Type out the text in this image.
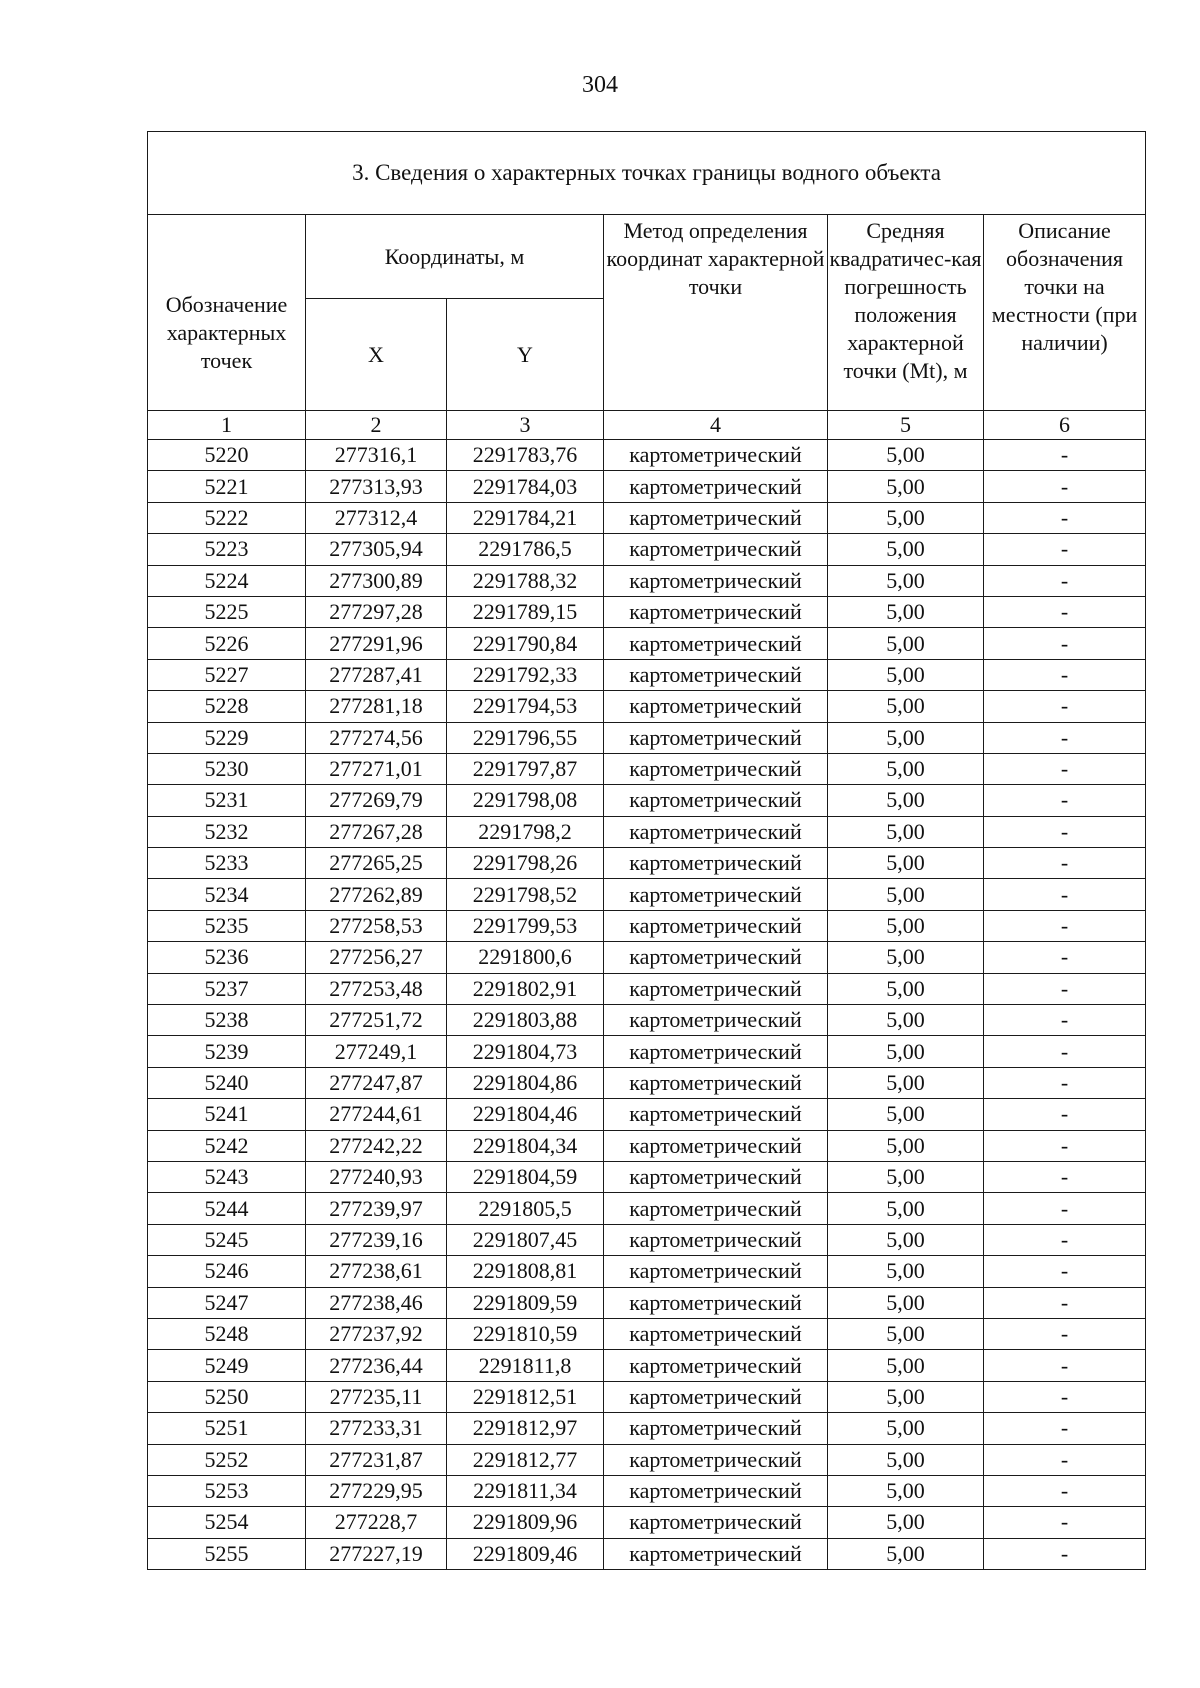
304
3. Сведения о характерных точках границы водного объекта					
Обозначение характерных точек	Координаты, м		Метод определения координат характерной точки	Средняя квадратичес-кая погрешность положения характерной точки (Mt), м	Описание обозначения точки на местности (при наличии)
	X	Y			
1	2	3	4	5	6
5220	277316,1	2291783,76	картометрический	5,00	-
5221	277313,93	2291784,03	картометрический	5,00	-
5222	277312,4	2291784,21	картометрический	5,00	-
5223	277305,94	2291786,5	картометрический	5,00	-
5224	277300,89	2291788,32	картометрический	5,00	-
5225	277297,28	2291789,15	картометрический	5,00	-
5226	277291,96	2291790,84	картометрический	5,00	-
5227	277287,41	2291792,33	картометрический	5,00	-
5228	277281,18	2291794,53	картометрический	5,00	-
5229	277274,56	2291796,55	картометрический	5,00	-
5230	277271,01	2291797,87	картометрический	5,00	-
5231	277269,79	2291798,08	картометрический	5,00	-
5232	277267,28	2291798,2	картометрический	5,00	-
5233	277265,25	2291798,26	картометрический	5,00	-
5234	277262,89	2291798,52	картометрический	5,00	-
5235	277258,53	2291799,53	картометрический	5,00	-
5236	277256,27	2291800,6	картометрический	5,00	-
5237	277253,48	2291802,91	картометрический	5,00	-
5238	277251,72	2291803,88	картометрический	5,00	-
5239	277249,1	2291804,73	картометрический	5,00	-
5240	277247,87	2291804,86	картометрический	5,00	-
5241	277244,61	2291804,46	картометрический	5,00	-
5242	277242,22	2291804,34	картометрический	5,00	-
5243	277240,93	2291804,59	картометрический	5,00	-
5244	277239,97	2291805,5	картометрический	5,00	-
5245	277239,16	2291807,45	картометрический	5,00	-
5246	277238,61	2291808,81	картометрический	5,00	-
5247	277238,46	2291809,59	картометрический	5,00	-
5248	277237,92	2291810,59	картометрический	5,00	-
5249	277236,44	2291811,8	картометрический	5,00	-
5250	277235,11	2291812,51	картометрический	5,00	-
5251	277233,31	2291812,97	картометрический	5,00	-
5252	277231,87	2291812,77	картометрический	5,00	-
5253	277229,95	2291811,34	картометрический	5,00	-
5254	277228,7	2291809,96	картометрический	5,00	-
5255	277227,19	2291809,46	картометрический	5,00	-
